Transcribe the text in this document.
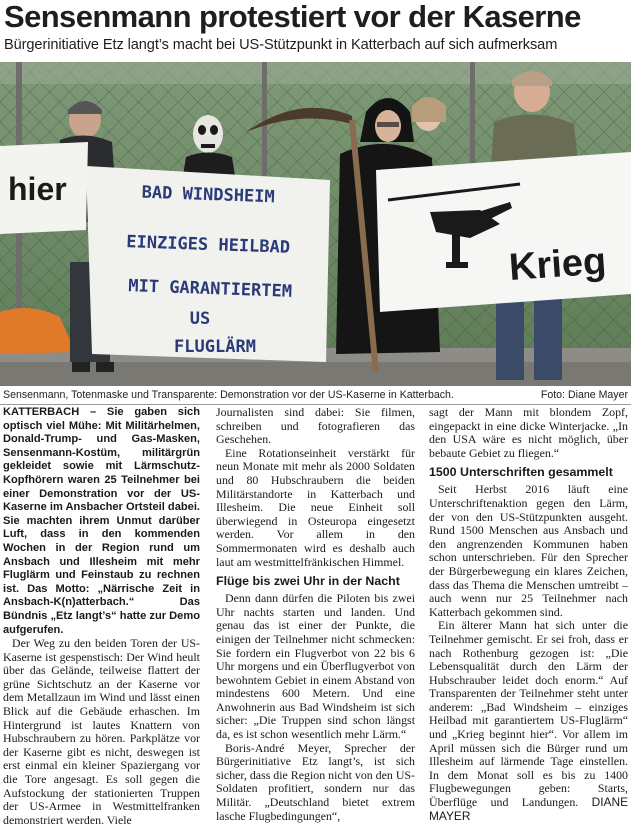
Sensenmann protestiert vor der Kaserne
Bürgerinitiative Etz langt’s macht bei US-Stützpunkt in Katterbach auf sich aufmerksam
BAD WINDSHEIM
EINZIGES HEILBAD
MIT GARANTIERTEM
US
FLUGLÄRM
hier
Krieg
Sensenmann, Totenmaske und Transparente: Demonstration vor der US-Kaserne in Katterbach.	Foto: Diane Mayer

KATTERBACH – Sie gaben sich optisch viel Mühe: Mit Militärhelmen, Donald-Trump- und Gas-Masken, Sensenmann-Kostüm, militärgrün gekleidet sowie mit Lärmschutz-Kopfhörern waren 25 Teilnehmer bei einer Demonstration vor der US-Kaserne im Ansbacher Ortsteil dabei. Sie machten ihrem Unmut darüber Luft, dass in den kommenden Wochen in der Region rund um Ansbach und Illesheim mit mehr Fluglärm und Feinstaub zu rechnen ist. Das Motto: „Närrische Zeit in Ansbach-K(n)atterbach.“ Das Bündnis „Etz langt’s“ hatte zur Demo aufgerufen.

Der Weg zu den beiden Toren der US-Kaserne ist gespenstisch: Der Wind heult über das Gelände, teilweise flattert der grüne Sichtschutz an der Kaserne vor dem Metallzaun im Wind und lässt einen Blick auf die Gebäude erhaschen. Im Hintergrund ist lautes Knattern von Hubschraubern zu hören. Parkplätze vor der Kaserne gibt es nicht, deswegen ist erst einmal ein kleiner Spaziergang vor die Tore angesagt. Es soll gegen die Aufstockung der stationierten Truppen der US-Armee in Westmittelfranken demonstriert werden. Viele

Journalisten sind dabei: Sie filmen, schreiben und fotografieren das Geschehen.

Eine Rotationseinheit verstärkt für neun Monate mit mehr als 2000 Soldaten und 80 Hubschraubern die beiden Militärstandorte in Katterbach und Illesheim. Die neue Einheit soll überwiegend in Osteuropa eingesetzt werden. Vor allem in den Sommermonaten wird es deshalb auch laut am westmittelfränkischen Himmel.

Flüge bis zwei Uhr in der Nacht

Denn dann dürfen die Piloten bis zwei Uhr nachts starten und landen. Und genau das ist einer der Punkte, die einigen der Teilnehmer nicht schmecken: Sie fordern ein Flugverbot von 22 bis 6 Uhr morgens und ein Überflugverbot von bewohntem Gebiet in einem Abstand von mindestens 600 Metern. Und eine Anwohnerin aus Bad Windsheim ist sich sicher: „Die Truppen sind schon längst da, es ist schon wesentlich mehr Lärm.“

Boris-André Meyer, Sprecher der Bürgerinitiative Etz langt’s, ist sich sicher, dass die Region nicht von den US-Soldaten profitiert, sondern nur das Militär. „Deutschland bietet extrem lasche Flugbedingungen“,

sagt der Mann mit blondem Zopf, eingepackt in eine dicke Winterjacke. „In den USA wäre es nicht möglich, über bebaute Gebiet zu fliegen.“

1500 Unterschriften gesammelt

Seit Herbst 2016 läuft eine Unterschriftenaktion gegen den Lärm, der von den US-Stützpunkten ausgeht. Rund 1500 Menschen aus Ansbach und den angrenzenden Kommunen haben schon unterschrieben. Für den Sprecher der Bürgerbewegung ein klares Zeichen, dass das Thema die Menschen umtreibt – auch wenn nur 25 Teilnehmer nach Katterbach gekommen sind.

Ein älterer Mann hat sich unter die Teilnehmer gemischt. Er sei froh, dass er nach Rothenburg gezogen ist: „Die Lebensqualität durch den Lärm der Hubschrauber leidet doch enorm.“ Auf Transparenten der Teilnehmer steht unter anderem: „Bad Windsheim – einziges Heilbad mit garantiertem US-Fluglärm“ und „Krieg beginnt hier“. Vor allem im April müssen sich die Bürger rund um Illesheim auf lärmende Tage einstellen. In dem Monat soll es bis zu 1400 Flugbewegungen geben: Starts, Überflüge und Landungen. DIANE MAYER
